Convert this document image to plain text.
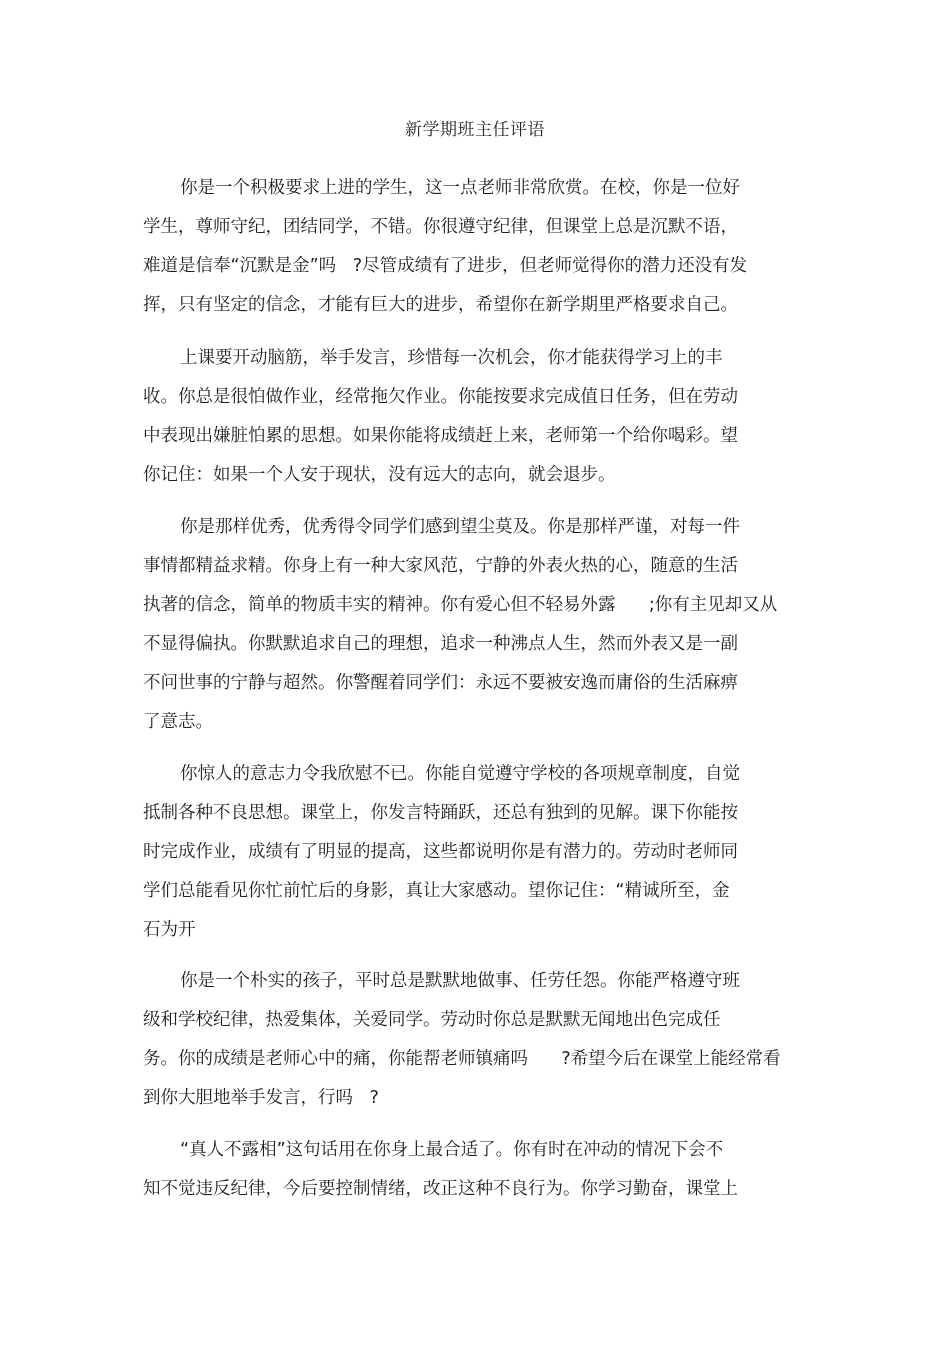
新学期班主任评语
你是一个积极要求上进的学生，这一点老师非常欣赏。在校，你是一位好
学生，尊师守纪，团结同学，不错。你很遵守纪律，但课堂上总是沉默不语，
难道是信奉“沉默是金”吗   ?尽管成绩有了进步，但老师觉得你的潜力还没有发
挥，只有坚定的信念，才能有巨大的进步，希望你在新学期里严格要求自己。
上课要开动脑筋，举手发言，珍惜每一次机会，你才能获得学习上的丰
收。你总是很怕做作业，经常拖欠作业。你能按要求完成值日任务，但在劳动
中表现出嫌脏怕累的思想。如果你能将成绩赶上来，老师第一个给你喝彩。望
你记住：如果一个人安于现状，没有远大的志向，就会退步。
你是那样优秀，优秀得令同学们感到望尘莫及。你是那样严谨，对每一件
事情都精益求精。你身上有一种大家风范，宁静的外表火热的心，随意的生活
执著的信念，简单的物质丰实的精神。你有爱心但不轻易外露      ;你有主见却又从
不显得偏执。你默默追求自己的理想，追求一种沸点人生，然而外表又是一副
不问世事的宁静与超然。你警醒着同学们：永远不要被安逸而庸俗的生活麻痹
了意志。
你惊人的意志力令我欣慰不已。你能自觉遵守学校的各项规章制度，自觉
抵制各种不良思想。课堂上，你发言特踊跃，还总有独到的见解。课下你能按
时完成作业，成绩有了明显的提高，这些都说明你是有潜力的。劳动时老师同
学们总能看见你忙前忙后的身影，真让大家感动。望你记住：“精诚所至，金
石为开
你是一个朴实的孩子，平时总是默默地做事、任劳任怨。你能严格遵守班
级和学校纪律，热爱集体，关爱同学。劳动时你总是默默无闻地出色完成任
务。你的成绩是老师心中的痛，你能帮老师镇痛吗      ?希望今后在课堂上能经常看
到你大胆地举手发言，行吗   ?
“真人不露相”这句话用在你身上最合适了。你有时在冲动的情况下会不
知不觉违反纪律，今后要控制情绪，改正这种不良行为。你学习勤奋，课堂上
